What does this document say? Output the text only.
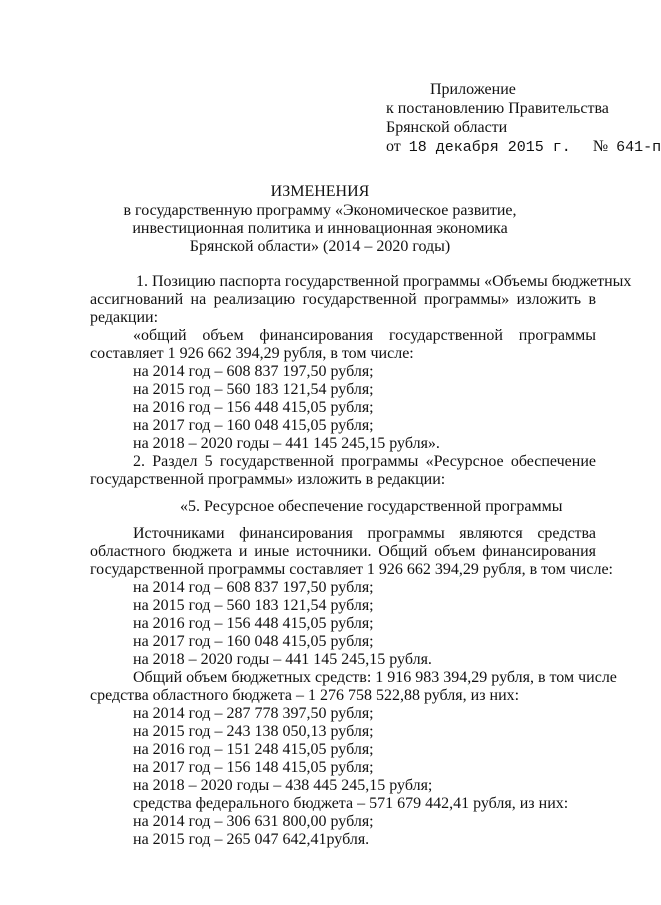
Приложение
к постановлению Правительства
Брянской области
от 18 декабря 2015 г. № 641-п
ИЗМЕНЕНИЯ
в государственную программу «Экономическое развитие,
инвестиционная политика и инновационная экономика
Брянской области» (2014 – 2020 годы)
1. Позицию паспорта государственной программы «Объемы бюджетных
ассигнований на реализацию государственной программы» изложить в
редакции:
«общий объем финансирования государственной программы
составляет 1 926 662 394,29 рубля, в том числе:
на 2014 год – 608 837 197,50 рубля;
на 2015 год – 560 183 121,54 рубля;
на 2016 год – 156 448 415,05 рубля;
на 2017 год – 160 048 415,05 рубля;
на 2018 – 2020 годы – 441 145 245,15 рубля».
2. Раздел 5 государственной программы «Ресурсное обеспечение
государственной программы» изложить в редакции:
«5. Ресурсное обеспечение государственной программы
Источниками финансирования программы являются средства
областного бюджета и иные источники. Общий объем финансирования
государственной программы составляет 1 926 662 394,29 рубля, в том числе:
на 2014 год – 608 837 197,50 рубля;
на 2015 год – 560 183 121,54 рубля;
на 2016 год – 156 448 415,05 рубля;
на 2017 год – 160 048 415,05 рубля;
на 2018 – 2020 годы – 441 145 245,15 рубля.
Общий объем бюджетных средств: 1 916 983 394,29 рубля, в том числе
средства областного бюджета – 1 276 758 522,88 рубля, из них:
на 2014 год – 287 778 397,50 рубля;
на 2015 год – 243 138 050,13 рубля;
на 2016 год – 151 248 415,05 рубля;
на 2017 год – 156 148 415,05 рубля;
на 2018 – 2020 годы – 438 445 245,15 рубля;
средства федерального бюджета – 571 679 442,41 рубля, из них:
на 2014 год – 306 631 800,00 рубля;
на 2015 год – 265 047 642,41рубля.
